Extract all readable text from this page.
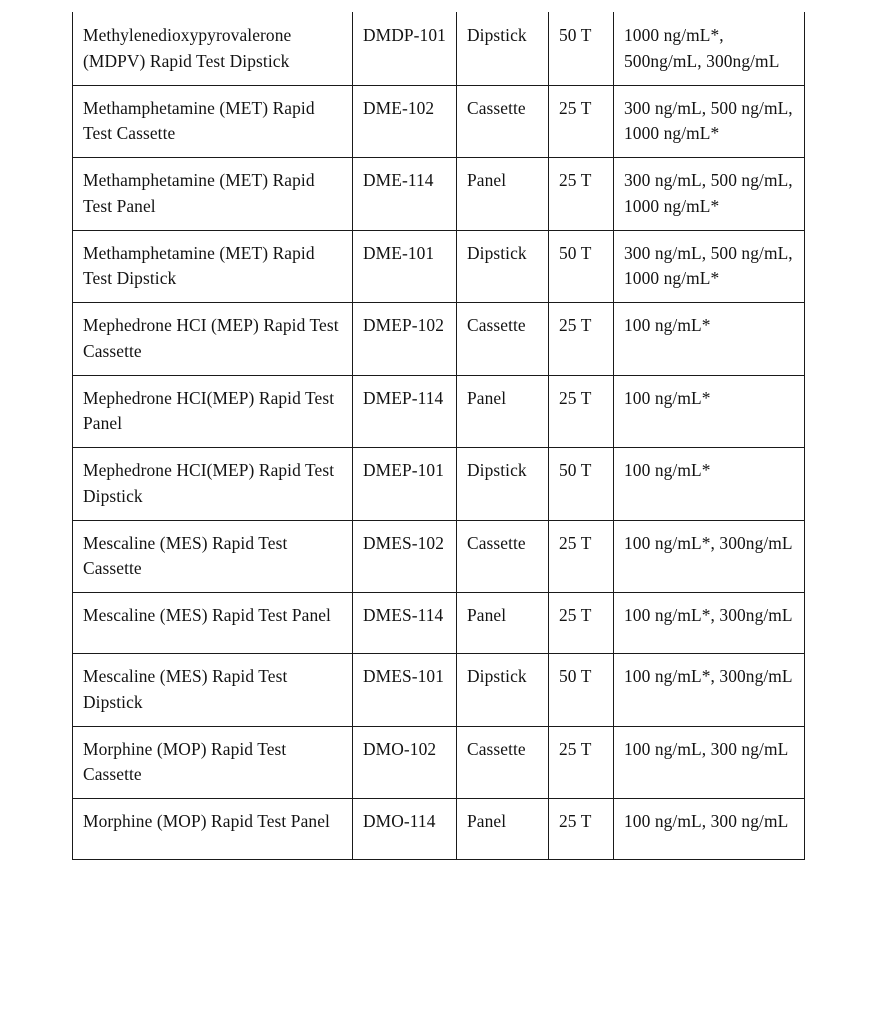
Methylenedioxypyrovalerone (MDPV) Rapid Test Dipstick	DMDP-101	Dipstick	50 T	1000 ng/mL*, 500ng/mL, 300ng/mL
Methamphetamine (MET) Rapid Test Cassette	DME-102	Cassette	25 T	300 ng/mL, 500 ng/mL, 1000 ng/mL*
Methamphetamine (MET) Rapid Test Panel	DME-114	Panel	25 T	300 ng/mL, 500 ng/mL, 1000 ng/mL*
Methamphetamine (MET) Rapid Test Dipstick	DME-101	Dipstick	50 T	300 ng/mL, 500 ng/mL, 1000 ng/mL*
Mephedrone HCI (MEP) Rapid Test Cassette	DMEP-102	Cassette	25 T	100 ng/mL*
Mephedrone HCI(MEP) Rapid Test Panel	DMEP-114	Panel	25 T	100 ng/mL*
Mephedrone HCI(MEP) Rapid Test Dipstick	DMEP-101	Dipstick	50 T	100 ng/mL*
Mescaline (MES) Rapid Test Cassette	DMES-102	Cassette	25 T	100 ng/mL*, 300ng/mL
Mescaline (MES) Rapid Test Panel	DMES-114	Panel	25 T	100 ng/mL*, 300ng/mL
Mescaline (MES) Rapid Test Dipstick	DMES-101	Dipstick	50 T	100 ng/mL*, 300ng/mL
Morphine (MOP) Rapid Test Cassette	DMO-102	Cassette	25 T	100 ng/mL, 300 ng/mL
Morphine (MOP) Rapid Test Panel	DMO-114	Panel	25 T	100 ng/mL, 300 ng/mL
